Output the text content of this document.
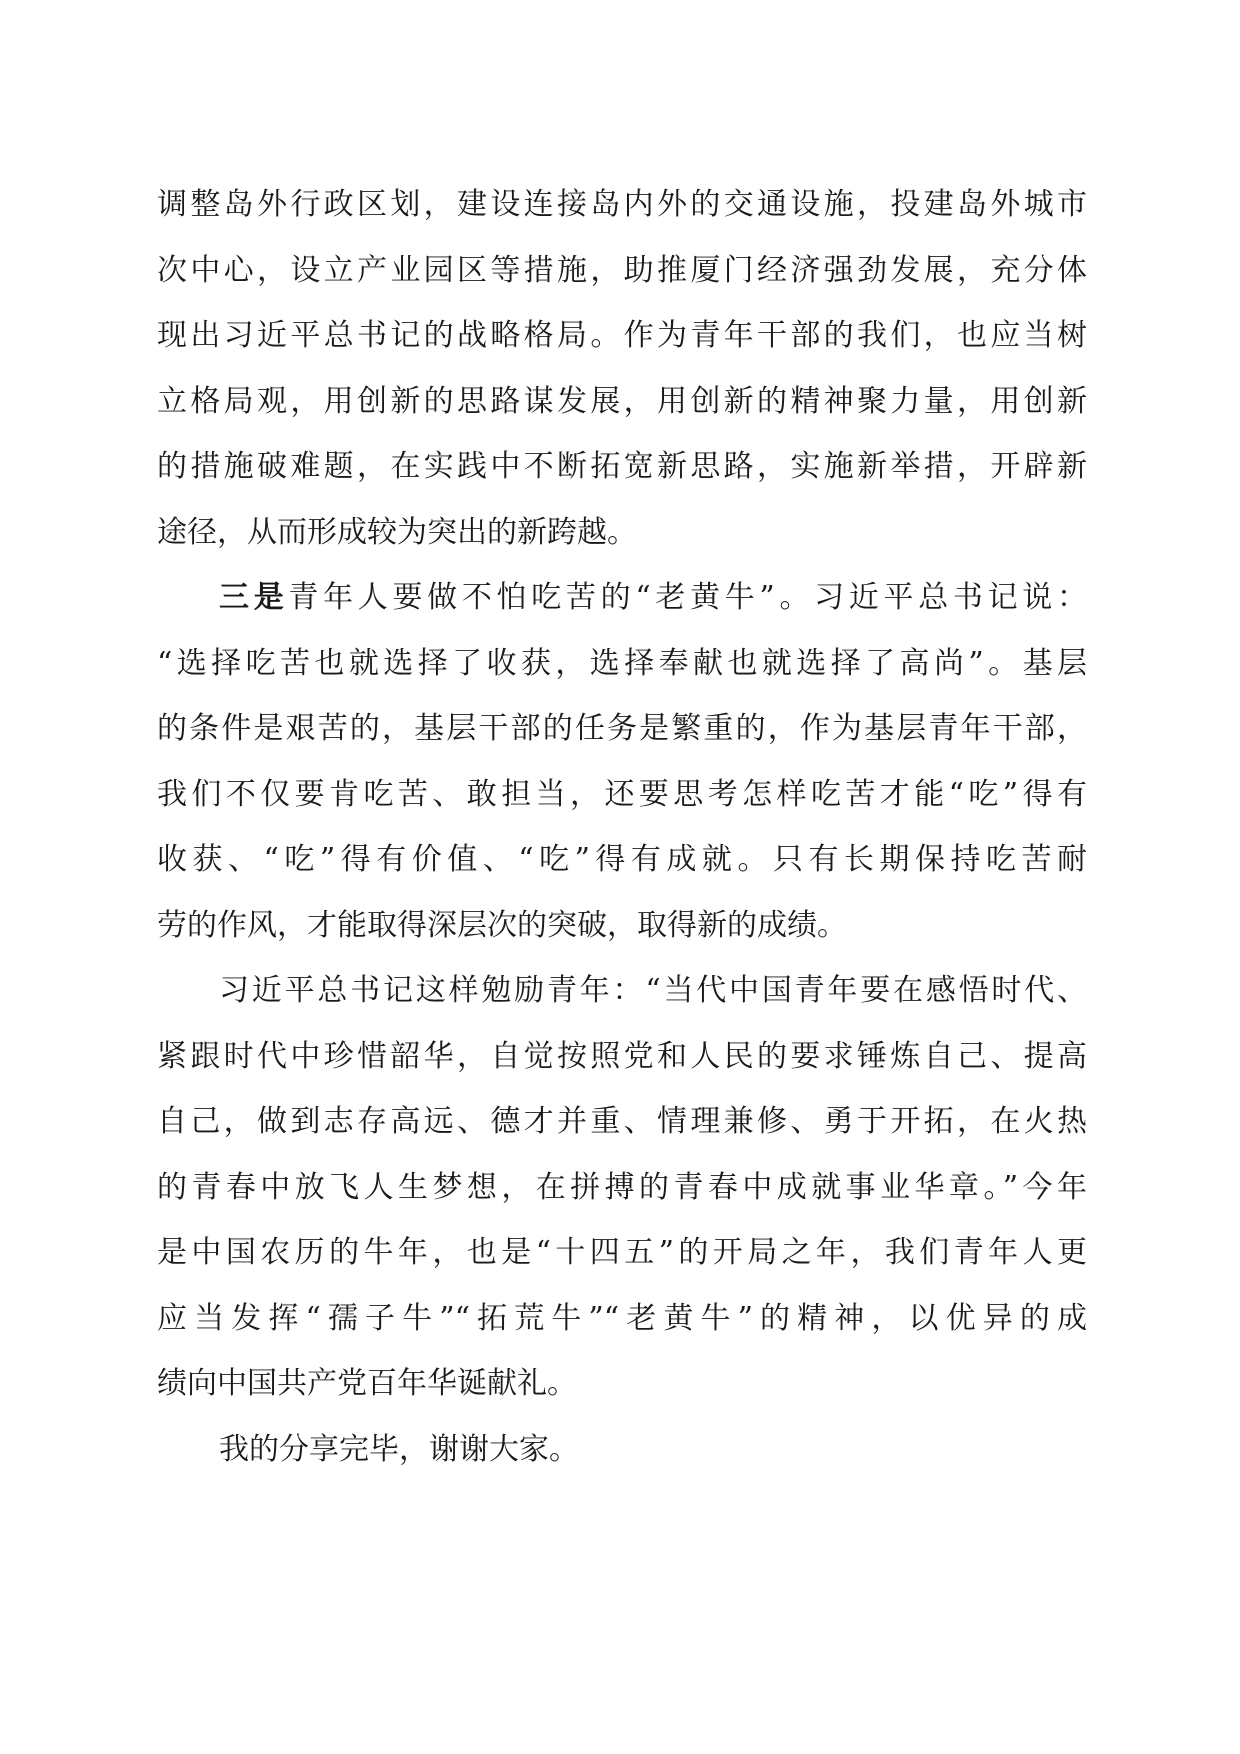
调整岛外行政区划，建设连接岛内外的交通设施，投建岛外城市
次中心，设立产业园区等措施，助推厦门经济强劲发展，充分体
现出习近平总书记的战略格局。作为青年干部的我们，也应当树
立格局观，用创新的思路谋发展，用创新的精神聚力量，用创新
的措施破难题，在实践中不断拓宽新思路，实施新举措，开辟新
途径，从而形成较为突出的新跨越。
三是青年人要做不怕吃苦的“老黄牛”。习近平总书记说：
“选择吃苦也就选择了收获，选择奉献也就选择了高尚”。基层
的条件是艰苦的，基层干部的任务是繁重的，作为基层青年干部，
我们不仅要肯吃苦、敢担当，还要思考怎样吃苦才能“吃”得有
收获、“吃”得有价值、“吃”得有成就。只有长期保持吃苦耐
劳的作风，才能取得深层次的突破，取得新的成绩。
习近平总书记这样勉励青年：“当代中国青年要在感悟时代、
紧跟时代中珍惜韶华，自觉按照党和人民的要求锤炼自己、提高
自己，做到志存高远、德才并重、情理兼修、勇于开拓，在火热
的青春中放飞人生梦想，在拼搏的青春中成就事业华章。”今年
是中国农历的牛年，也是“十四五”的开局之年，我们青年人更
应当发挥“孺子牛”“拓荒牛”“老黄牛”的精神，以优异的成
绩向中国共产党百年华诞献礼。
我的分享完毕，谢谢大家。
